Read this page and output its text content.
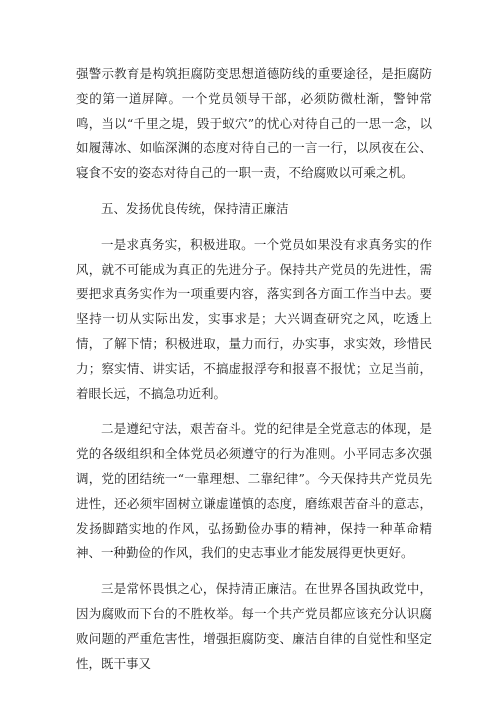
强警示教育是构筑拒腐防变思想道德防线的重要途径，是拒腐防变的第一道屏障。一个党员领导干部，必须防微杜渐，警钟常鸣，当以“千里之堤，毁于蚁穴”的忧心对待自己的一思一念，以如履薄冰、如临深渊的态度对待自己的一言一行，以夙夜在公、寝食不安的姿态对待自己的一职一责，不给腐败以可乘之机。

五、发扬优良传统，保持清正廉洁

一是求真务实，积极进取。一个党员如果没有求真务实的作风，就不可能成为真正的先进分子。保持共产党员的先进性，需要把求真务实作为一项重要内容，落实到各方面工作当中去。要坚持一切从实际出发，实事求是；大兴调查研究之风，吃透上情，了解下情；积极进取，量力而行，办实事，求实效，珍惜民力；察实情、讲实话，不搞虚报浮夸和报喜不报忧；立足当前，着眼长远，不搞急功近利。

二是遵纪守法，艰苦奋斗。党的纪律是全党意志的体现，是党的各级组织和全体党员必须遵守的行为准则。小平同志多次强调，党的团结统一“一靠理想、二靠纪律”。今天保持共产党员先进性，还必须牢固树立谦虚谨慎的态度，磨练艰苦奋斗的意志，发扬脚踏实地的作风，弘扬勤俭办事的精神，保持一种革命精神、一种勤俭的作风，我们的史志事业才能发展得更快更好。

三是常怀畏惧之心，保持清正廉洁。在世界各国执政党中，因为腐败而下台的不胜枚举。每一个共产党员都应该充分认识腐败问题的严重危害性，增强拒腐防变、廉洁自律的自觉性和坚定性，既干事又
